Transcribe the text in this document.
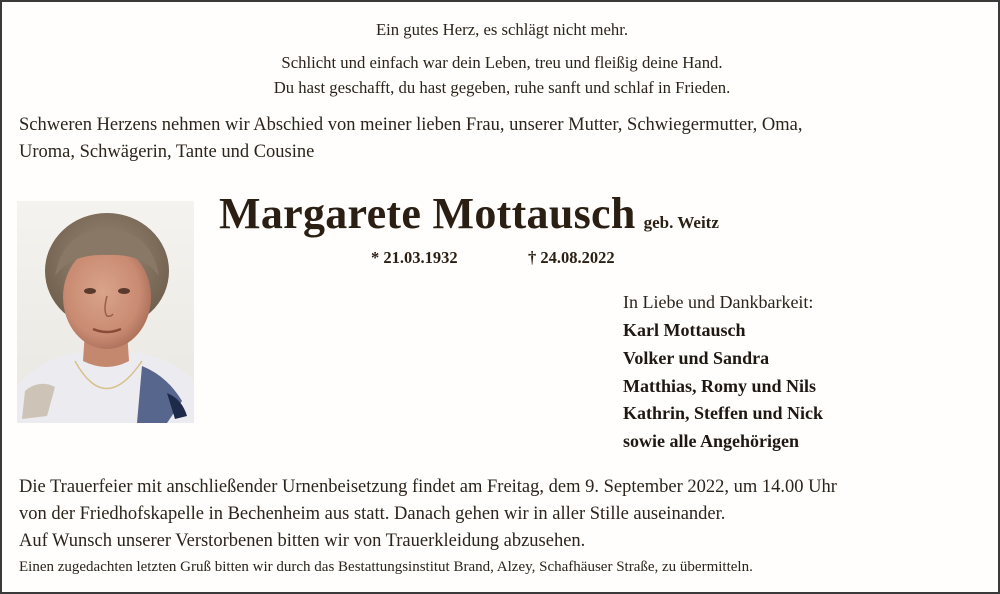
Ein gutes Herz, es schlägt nicht mehr.
Schlicht und einfach war dein Leben, treu und fleißig deine Hand.
Du hast geschafft, du hast gegeben, ruhe sanft und schlaf in Frieden.
Schweren Herzens nehmen wir Abschied von meiner lieben Frau, unserer Mutter, Schwiegermutter, Oma,
Uroma, Schwägerin, Tante und Cousine
Margarete Mottausch geb. Weitz
* 21.03.1932	† 24.08.2022
In Liebe und Dankbarkeit:
Karl Mottausch
Volker und Sandra
Matthias, Romy und Nils
Kathrin, Steffen und Nick
sowie alle Angehörigen
Die Trauerfeier mit anschließender Urnenbeisetzung findet am Freitag, dem 9. September 2022, um 14.00 Uhr
von der Friedhofskapelle in Bechenheim aus statt. Danach gehen wir in aller Stille auseinander.
Auf Wunsch unserer Verstorbenen bitten wir von Trauerkleidung abzusehen.
Einen zugedachten letzten Gruß bitten wir durch das Bestattungsinstitut Brand, Alzey, Schafhäuser Straße, zu übermitteln.
